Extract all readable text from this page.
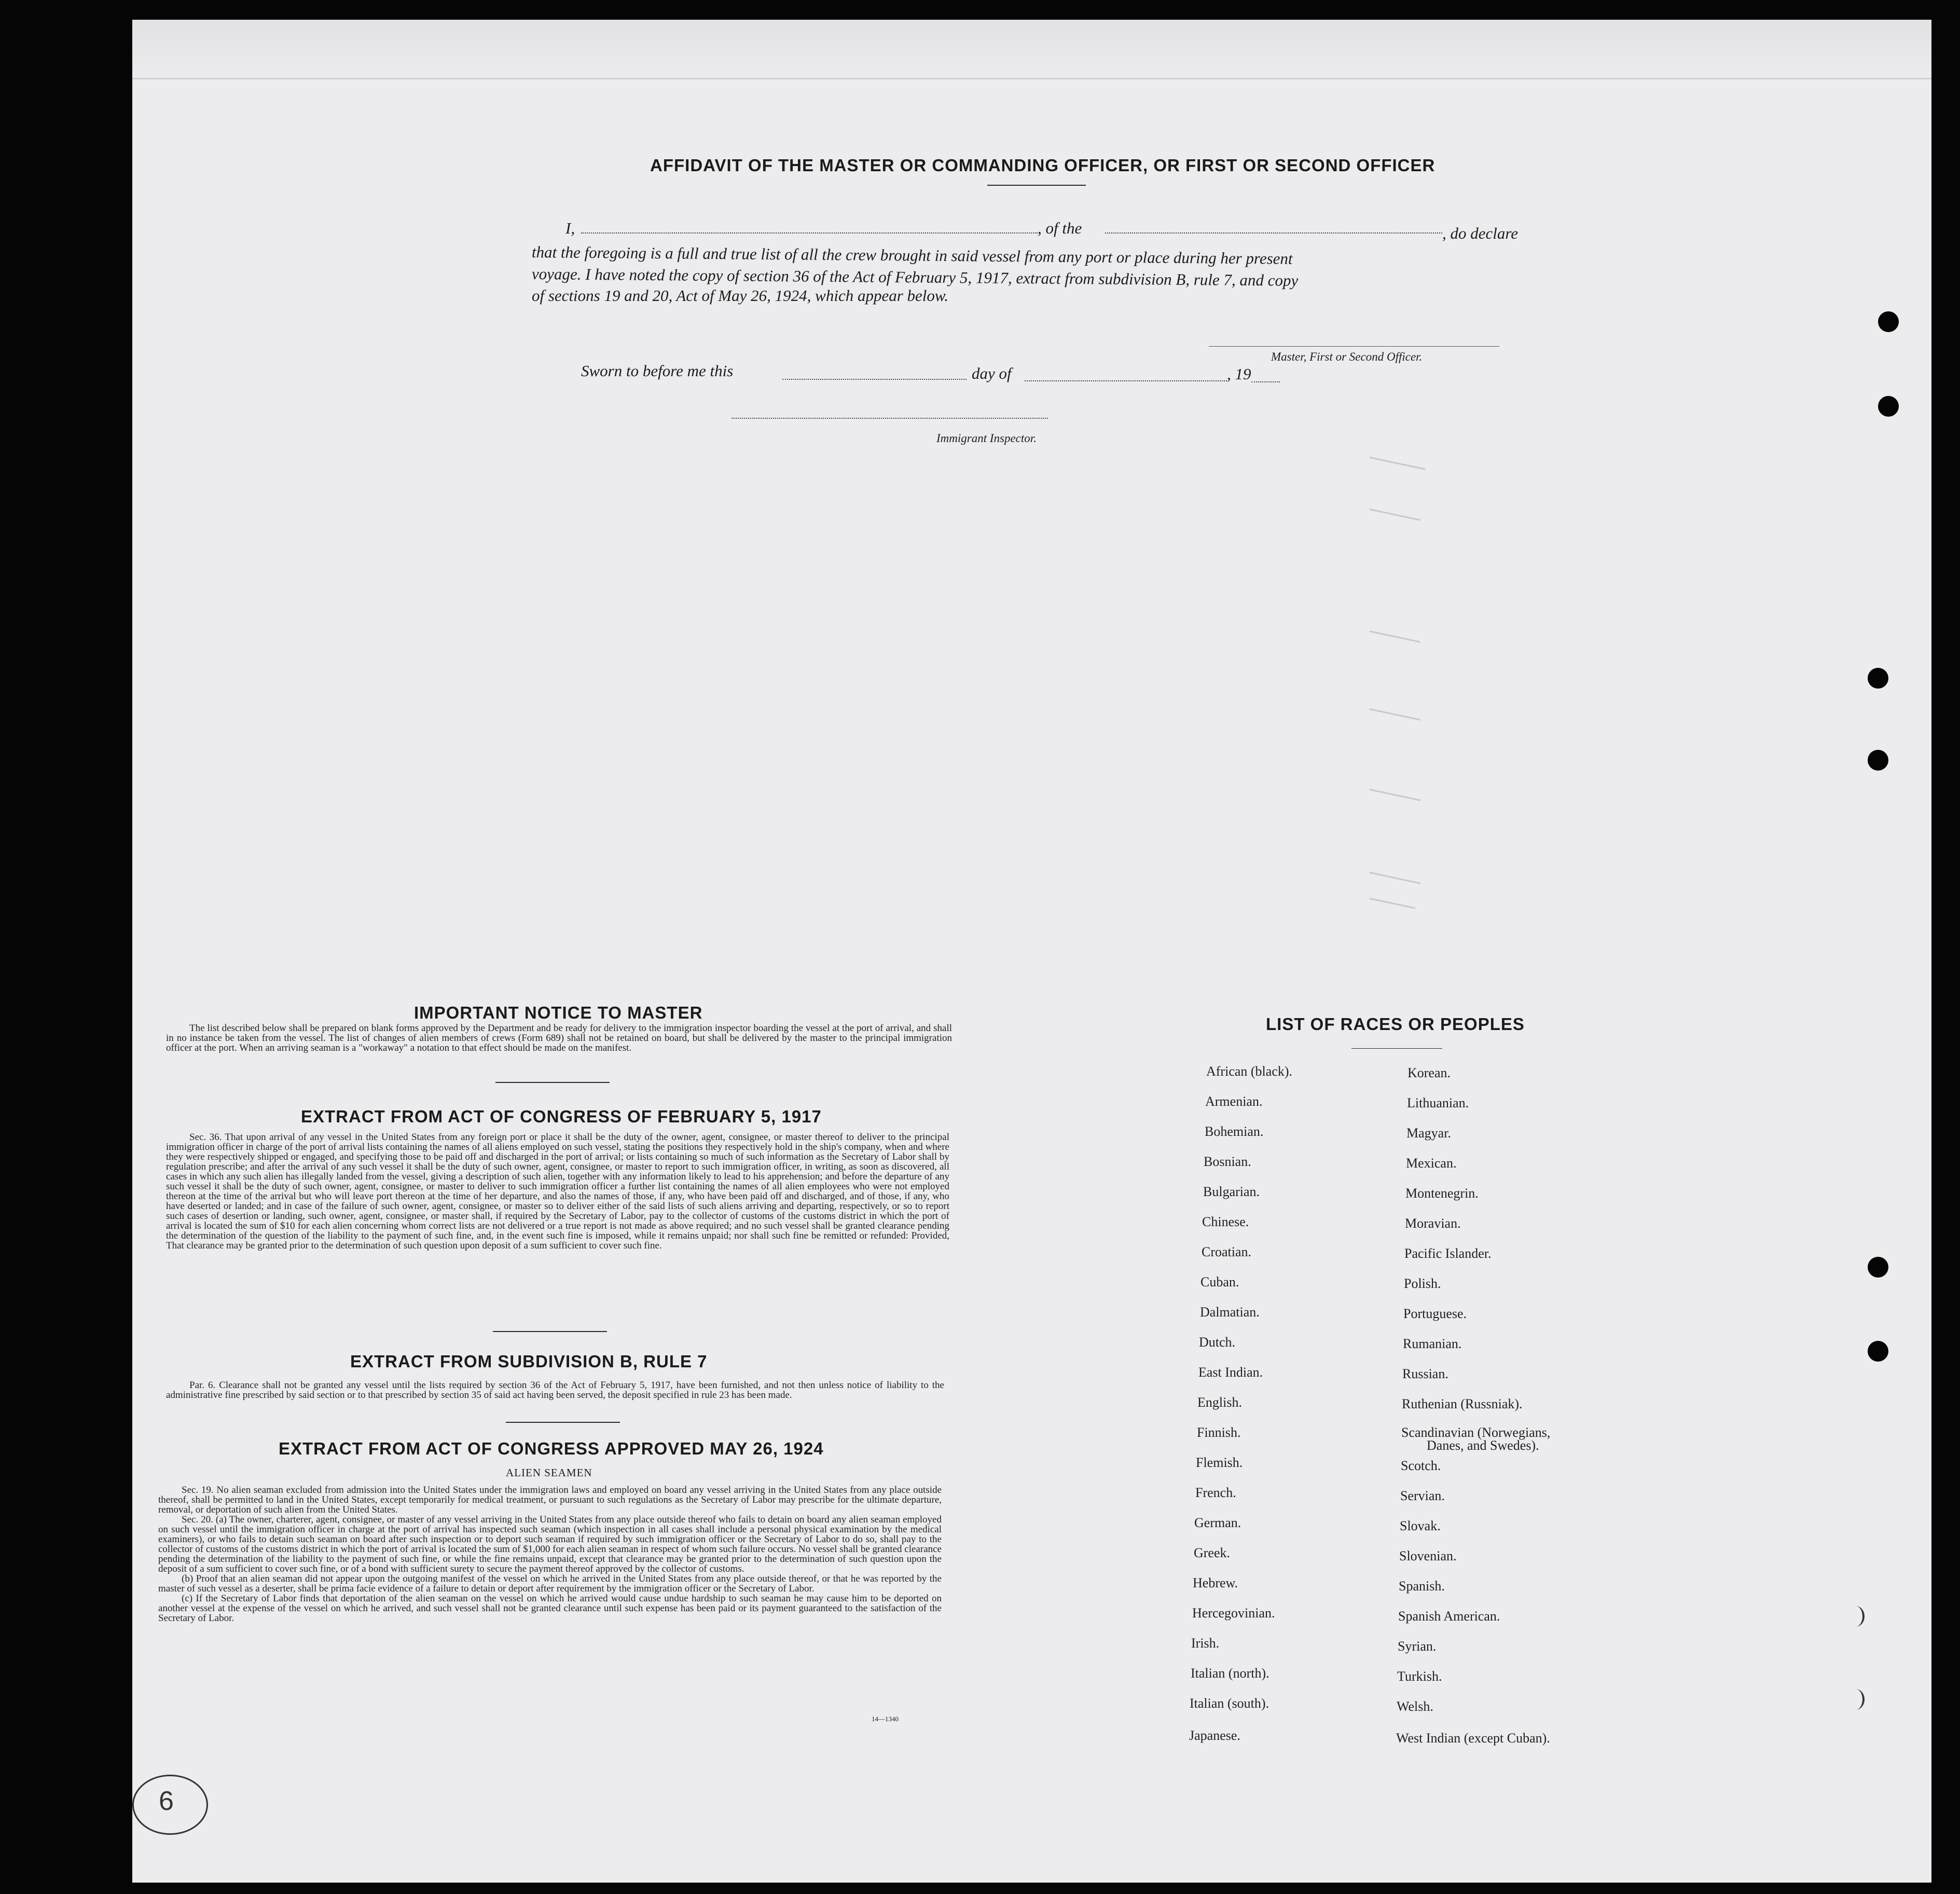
AFFIDAVIT OF THE MASTER OR COMMANDING OFFICER, OR FIRST OR SECOND OFFICER
I,	, of the	, do declare
that the foregoing is a full and true list of all the crew brought in said vessel from any port or place during her present
voyage. I have noted the copy of section 36 of the Act of February 5, 1917, extract from subdivision B, rule 7, and copy
of sections 19 and 20, Act of May 26, 1924, which appear below.
Master, First or Second Officer.
Sworn to before me this	day of	, 19
Immigrant Inspector.
IMPORTANT NOTICE TO MASTER

The list described below shall be prepared on blank forms approved by the Department and be ready for delivery to the immigration inspector boarding the vessel at the port of arrival, and shall in no instance be taken from the vessel. The list of changes of alien members of crews (Form 689) shall not be retained on board, but shall be delivered by the master to the principal immigration officer at the port. When an arriving seaman is a "workaway" a notation to that effect should be made on the manifest.

EXTRACT FROM ACT OF CONGRESS OF FEBRUARY 5, 1917

Sec. 36. That upon arrival of any vessel in the United States from any foreign port or place it shall be the duty of the owner, agent, consignee, or master thereof to deliver to the principal immigration officer in charge of the port of arrival lists containing the names of all aliens employed on such vessel, stating the positions they respectively hold in the ship's company, when and where they were respectively shipped or engaged, and specifying those to be paid off and discharged in the port of arrival; or lists containing so much of such information as the Secretary of Labor shall by regulation prescribe; and after the arrival of any such vessel it shall be the duty of such owner, agent, consignee, or master to report to such immigration officer, in writing, as soon as discovered, all cases in which any such alien has illegally landed from the vessel, giving a description of such alien, together with any information likely to lead to his apprehension; and before the departure of any such vessel it shall be the duty of such owner, agent, consignee, or master to deliver to such immigration officer a further list containing the names of all alien employees who were not employed thereon at the time of the arrival but who will leave port thereon at the time of her departure, and also the names of those, if any, who have been paid off and discharged, and of those, if any, who have deserted or landed; and in case of the failure of such owner, agent, consignee, or master so to deliver either of the said lists of such aliens arriving and departing, respectively, or so to report such cases of desertion or landing, such owner, agent, consignee, or master shall, if required by the Secretary of Labor, pay to the collector of customs of the customs district in which the port of arrival is located the sum of $10 for each alien concerning whom correct lists are not delivered or a true report is not made as above required; and no such vessel shall be granted clearance pending the determination of the question of the liability to the payment of such fine, and, in the event such fine is imposed, while it remains unpaid; nor shall such fine be remitted or refunded: Provided, That clearance may be granted prior to the determination of such question upon deposit of a sum sufficient to cover such fine.

EXTRACT FROM SUBDIVISION B, RULE 7

Par. 6. Clearance shall not be granted any vessel until the lists required by section 36 of the Act of February 5, 1917, have been furnished, and not then unless notice of liability to the administrative fine prescribed by said section or to that prescribed by section 35 of said act having been served, the deposit specified in rule 23 has been made.

EXTRACT FROM ACT OF CONGRESS APPROVED MAY 26, 1924
ALIEN SEAMEN

Sec. 19. No alien seaman excluded from admission into the United States under the immigration laws and employed on board any vessel arriving in the United States from any place outside thereof, shall be permitted to land in the United States, except temporarily for medical treatment, or pursuant to such regulations as the Secretary of Labor may prescribe for the ultimate departure, removal, or deportation of such alien from the United States.

Sec. 20. (a) The owner, charterer, agent, consignee, or master of any vessel arriving in the United States from any place outside thereof who fails to detain on board any alien seaman employed on such vessel until the immigration officer in charge at the port of arrival has inspected such seaman (which inspection in all cases shall include a personal physical examination by the medical examiners), or who fails to detain such seaman on board after such inspection or to deport such seaman if required by such immigration officer or the Secretary of Labor to do so, shall pay to the collector of customs of the customs district in which the port of arrival is located the sum of $1,000 for each alien seaman in respect of whom such failure occurs. No vessel shall be granted clearance pending the determination of the liability to the payment of such fine, or while the fine remains unpaid, except that clearance may be granted prior to the determination of such question upon the deposit of a sum sufficient to cover such fine, or of a bond with sufficient surety to secure the payment thereof approved by the collector of customs.

(b) Proof that an alien seaman did not appear upon the outgoing manifest of the vessel on which he arrived in the United States from any place outside thereof, or that he was reported by the master of such vessel as a deserter, shall be prima facie evidence of a failure to detain or deport after requirement by the immigration officer or the Secretary of Labor.

(c) If the Secretary of Labor finds that deportation of the alien seaman on the vessel on which he arrived would cause undue hardship to such seaman he may cause him to be deported on another vessel at the expense of the vessel on which he arrived, and such vessel shall not be granted clearance until such expense has been paid or its payment guaranteed to the satisfaction of the Secretary of Labor.

14—1340
LIST OF RACES OR PEOPLES
African (black).
Armenian.
Bohemian.
Bosnian.
Bulgarian.
Chinese.
Croatian.
Cuban.
Dalmatian.
Dutch.
East Indian.
English.
Finnish.
Flemish.
French.
German.
Greek.
Hebrew.
Hercegovinian.
Irish.
Italian (north).
Italian (south).
Japanese.
Korean.
Lithuanian.
Magyar.
Mexican.
Montenegrin.
Moravian.
Pacific Islander.
Polish.
Portuguese.
Rumanian.
Russian.
Ruthenian (Russniak).
Scandinavian (Norwegians,
Danes, and Swedes).
Scotch.
Servian.
Slovak.
Slovenian.
Spanish.
Spanish American.
Syrian.
Turkish.
Welsh.
West Indian (except Cuban).
6
